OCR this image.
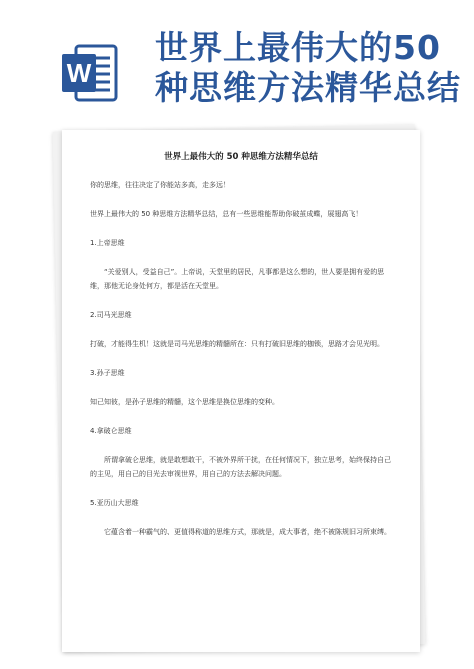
W
世界上最伟大的50种思维方法精华总结

世界上最伟大的 50 种思维方法精华总结

你的思维，往往决定了你能站多高，走多远！

世界上最伟大的 50 种思维方法精华总结，总有一些思维能帮助你破茧成蝶，展翅高飞！

1.上帝思维

“关爱别人，受益自己”。上帝说，天堂里的居民，凡事都是这么想的，世人要是拥有爱的思维，那他无论身处何方，都是活在天堂里。

2.司马光思维

打破，才能得生机！这就是司马光思维的精髓所在：只有打破旧思维的枷锁，思路才会见光明。

3.孙子思维

知己知彼，是孙子思维的精髓，这个思维是换位思维的变种。

4.拿破仑思维

所谓拿破仑思维，就是敢想敢干，不被外界所干扰，在任何情况下，独立思考，始终保持自己的主见，用自己的目光去审视世界，用自己的方法去解决问题。

5.亚历山大思维

它蕴含着一种霸气的、更值得称道的思维方式，那就是，成大事者，绝不被陈规旧习所束缚。
